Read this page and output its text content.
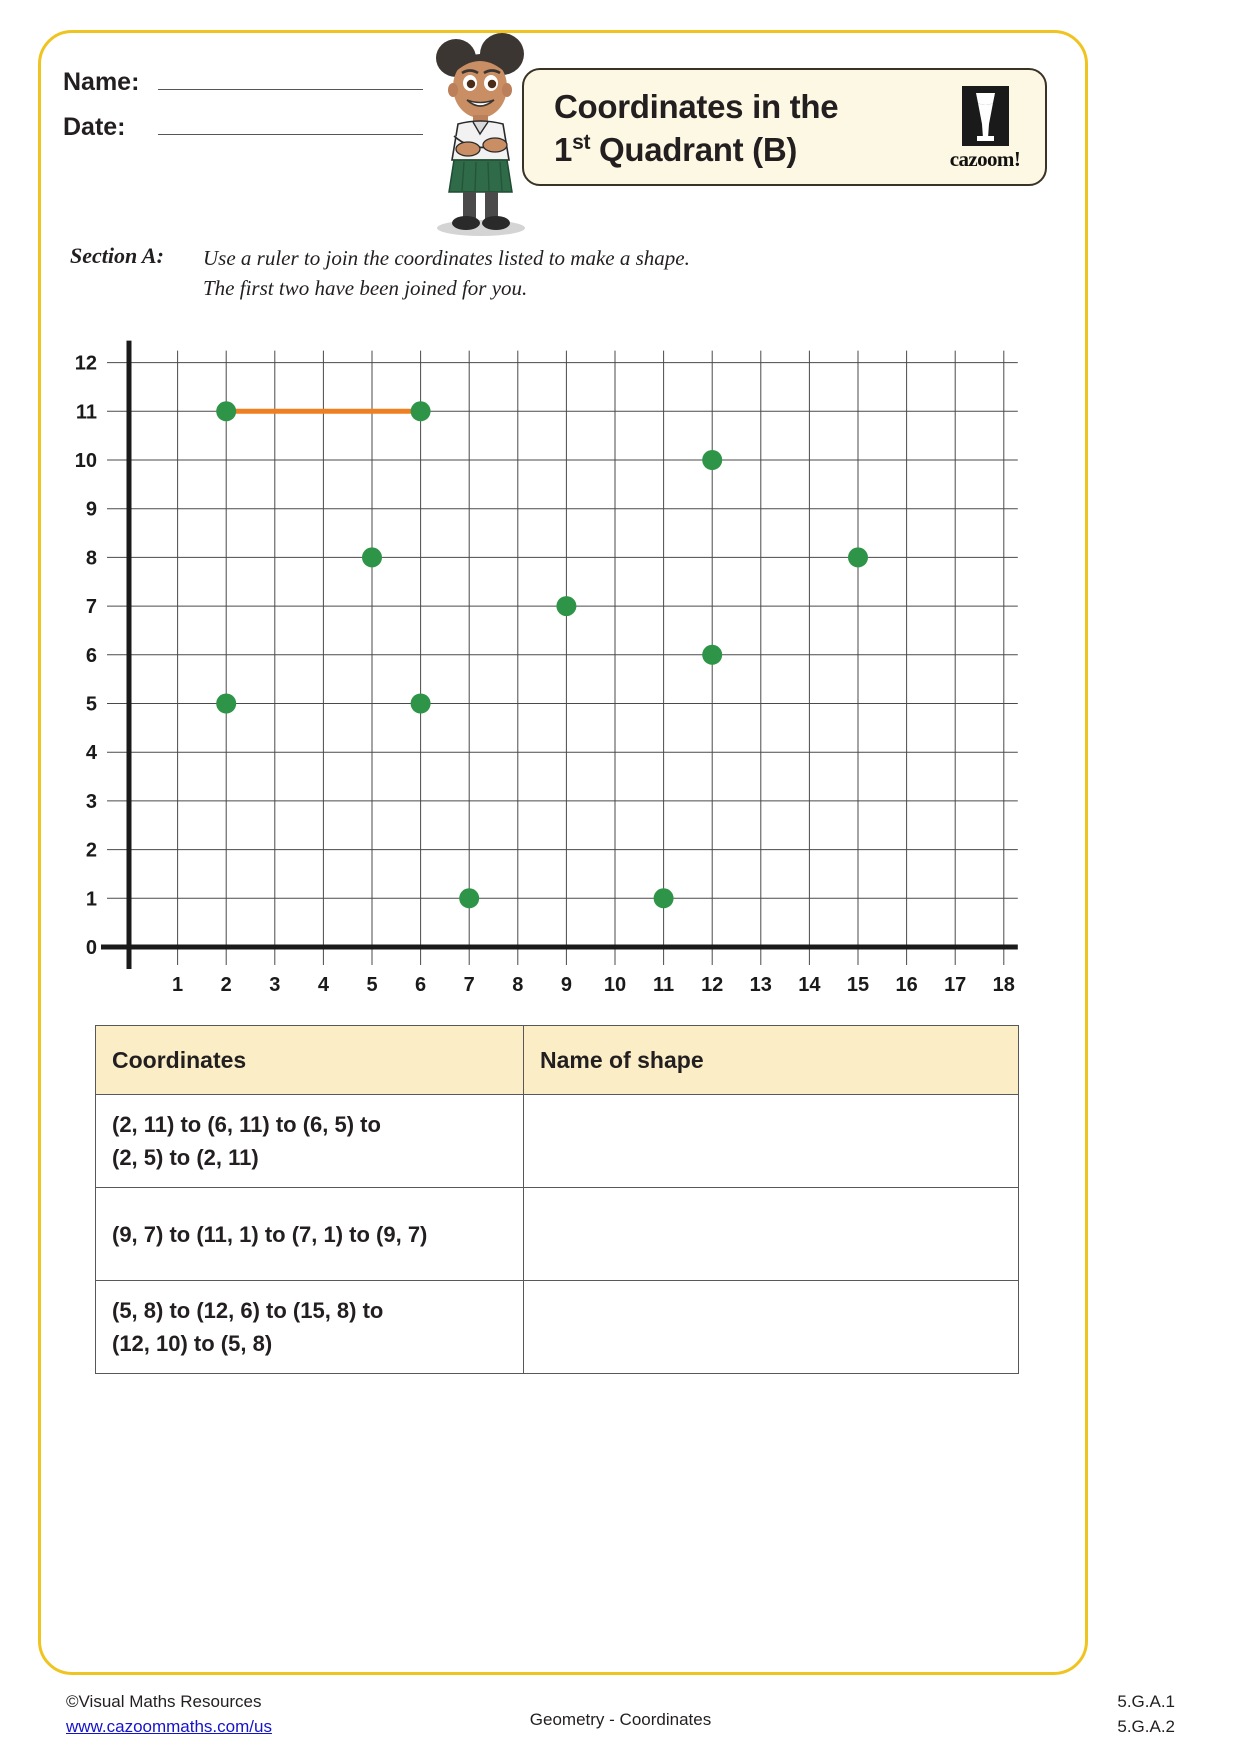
Name:
Date:
Coordinates in the
1st Quadrant (B)	cazoom!
Section A:	Use a ruler to join the coordinates listed to make a shape.
The first two have been joined for you.
0
1
2
3
4
5
6
7
8
9
10
11
12
1 2 3 4 5 6 7 8 9 10 11 12 13 14 15 16 17 18
Coordinates	Name of shape
(2, 11) to (6, 11) to (6, 5) to
(2, 5) to (2, 11)	
(9, 7) to (11, 1) to (7, 1) to (9, 7)	
(5, 8) to (12, 6) to (15, 8) to
(12, 10) to (5, 8)	
©Visual Maths Resources
www.cazoommaths.com/us	Geometry - Coordinates
5.G.A.1
5.G.A.2
